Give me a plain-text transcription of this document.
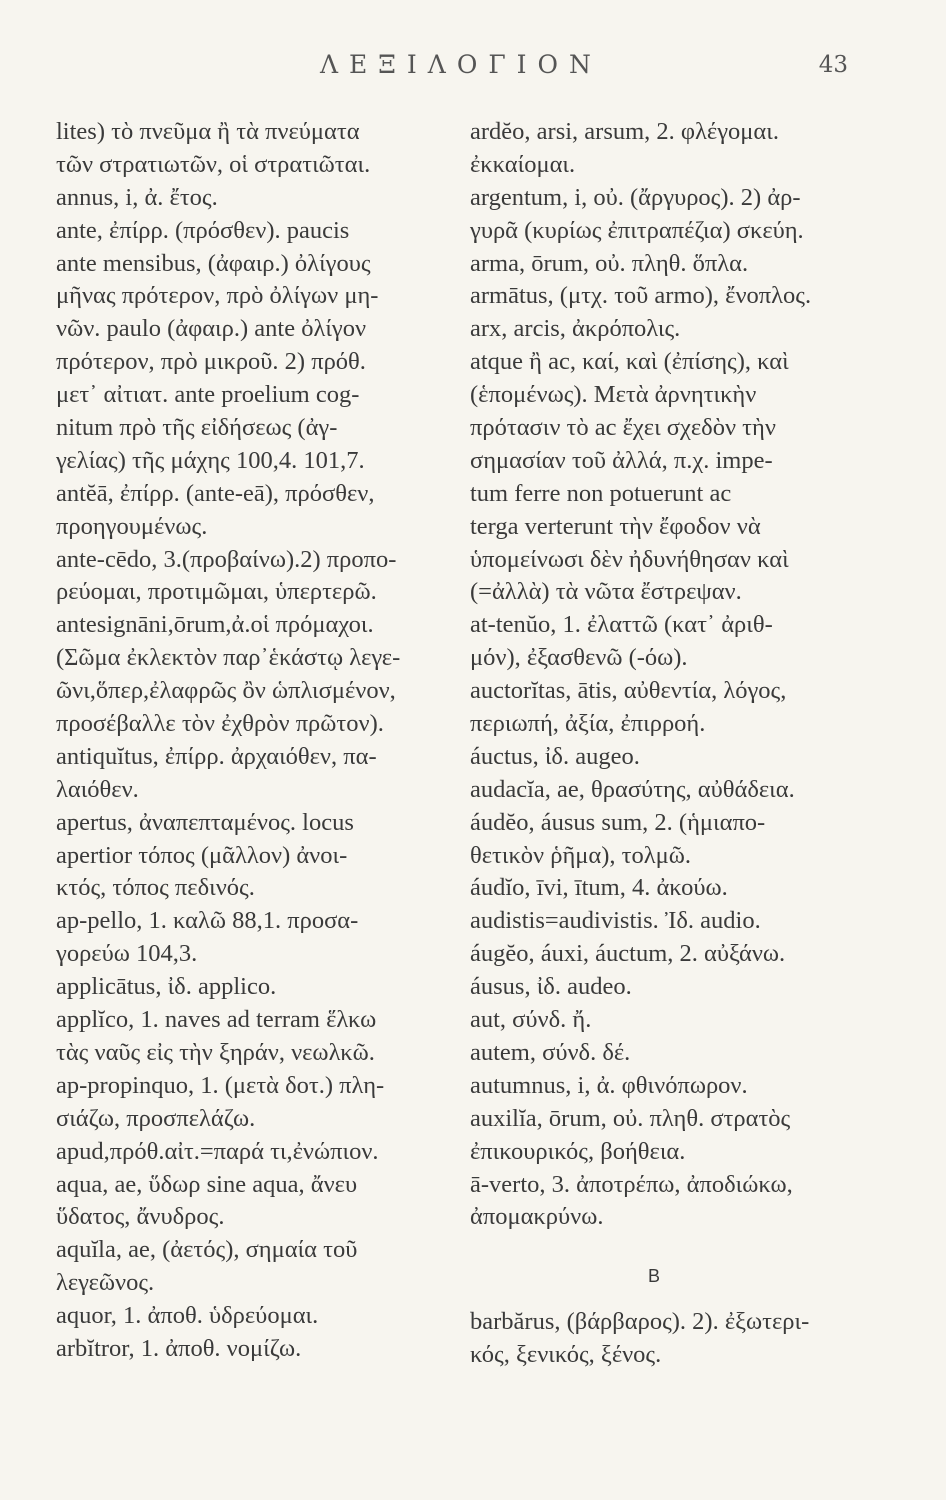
ΛΕΞΙΛΟΓΙΟΝ	43
lites) τὸ πνεῦμα ἢ τὰ πνεύματα
τῶν στρατιωτῶν, οἱ στρατιῶται.
annus, i, ἀ. ἔτος.
ante, ἐπίρρ. (πρόσθεν). paucis
ante mensibus, (ἀφαιρ.) ὀλίγους
μῆνας πρότερον, πρὸ ὀλίγων μη-
νῶν. paulo (ἀφαιρ.) ante ὀλίγον
πρότερον, πρὸ μικροῦ. 2) πρόθ.
μετ᾽ αἰτιατ. ante proelium cog-
nitum πρὸ τῆς εἰδήσεως (ἀγ-
γελίας) τῆς μάχης 100,4. 101,7.
antĕā, ἐπίρρ. (ante-eā), πρόσθεν,
προηγουμένως.
ante-cēdo, 3.(προβαίνω).2) προπο-
ρεύομαι, προτιμῶμαι, ὑπερτερῶ.
antesignāni,ōrum,ἀ.οἱ πρόμαχοι.
(Σῶμα ἐκλεκτὸν παρ᾽ἑκάστῳ λεγε-
ῶνι,ὅπερ,ἐλαφρῶς ὂν ὡπλισμένον,
προσέβαλλε τὸν ἐχθρὸν πρῶτον).
antiquĭtus, ἐπίρρ. ἀρχαιόθεν, πα-
λαιόθεν.
apertus, ἀναπεπταμένος. locus
apertior τόπος (μᾶλλον) ἀνοι-
κτός, τόπος πεδινός.
ap-pello, 1. καλῶ 88,1. προσα-
γορεύω 104,3.
applicātus, ἰδ. applico.
applĭco, 1. naves ad terram ἕλκω
τὰς ναῦς εἰς τὴν ξηράν, νεωλκῶ.
ap-propinquo, 1. (μετὰ δοτ.) πλη-
σιάζω, προσπελάζω.
apud,πρόθ.αἰτ.=παρά τι,ἐνώπιον.
aqua, ae, ὕδωρ sine aqua, ἄνευ
ὕδατος, ἄνυδρος.
aquĭla, ae, (ἀετός), σημαία τοῦ
λεγεῶνος.
aquor, 1. ἀποθ. ὑδρεύομαι.
arbĭtror, 1. ἀποθ. νομίζω.
ardĕo, arsi, arsum, 2. φλέγομαι.
ἐκκαίομαι.
argentum, i, οὐ. (ἄργυρος). 2) ἀρ-
γυρᾶ (κυρίως ἐπιτραπέζια) σκεύη.
arma, ōrum, οὐ. πληθ. ὅπλα.
armātus, (μτχ. τοῦ armo), ἔνοπλος.
arx, arcis, ἀκρόπολις.
atque ἢ ac, καί, καὶ (ἐπίσης), καὶ
(ἑπομένως). Μετὰ ἀρνητικὴν
πρότασιν τὸ ac ἔχει σχεδὸν τὴν
σημασίαν τοῦ ἀλλά, π.χ. impe-
tum ferre non potuerunt ac
terga verterunt τὴν ἔφοδον νὰ
ὑπομείνωσι δὲν ἠδυνήθησαν καὶ
(=ἀλλὰ) τὰ νῶτα ἔστρεψαν.
at-tenŭo, 1. ἐλαττῶ (κατ᾽ ἀριθ-
μόν), ἐξασθενῶ (-όω).
auctorĭtas, ātis, αὐθεντία, λόγος,
περιωπή, ἀξία, ἐπιρροή.
áuctus, ἰδ. augeo.
audacĭa, ae, θρασύτης, αὐθάδεια.
áudĕo, áusus sum, 2. (ἡμιαπο-
θετικὸν ῥῆμα), τολμῶ.
áudĭo, īvi, ītum, 4. ἀκούω.
audistis=audivistis. Ἰδ. audio.
áugĕo, áuxi, áuctum, 2. αὐξάνω.
áusus, ἰδ. audeo.
aut, σύνδ. ἤ.
autem, σύνδ. δέ.
autumnus, i, ἀ. φθινόπωρον.
auxilĭa, ōrum, οὐ. πληθ. στρατὸς
ἐπικουρικός, βοήθεια.
ā-verto, 3. ἀποτρέπω, ἀποδιώκω,
ἀπομακρύνω.
B
barbărus, (βάρβαρος). 2). ἐξωτερι-
κός, ξενικός, ξένος.
